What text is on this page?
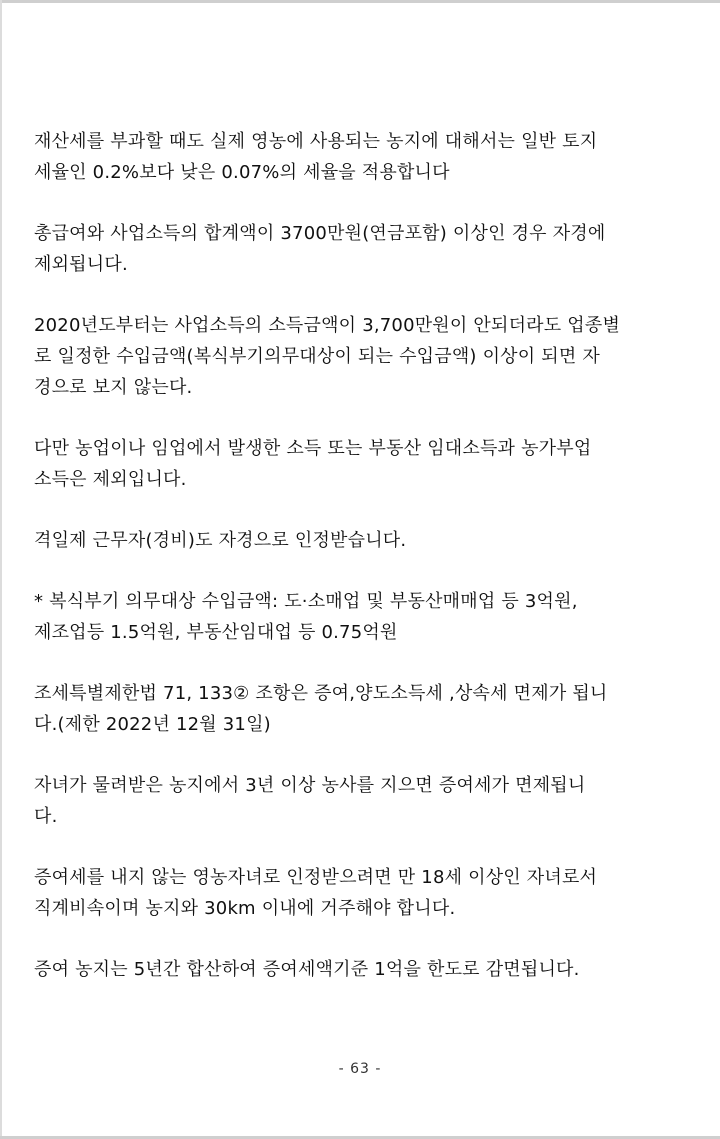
재산세를 부과할 때도 실제 영농에 사용되는 농지에 대해서는 일반 토지
세율인 0.2%보다 낮은 0.07%의 세율을 적용합니다

총급여와 사업소득의 합계액이 3700만원(연금포함) 이상인 경우 자경에
제외됩니다.

2020년도부터는 사업소득의 소득금액이 3,700만원이 안되더라도 업종별
로 일정한 수입금액(복식부기의무대상이 되는 수입금액) 이상이 되면 자
경으로 보지 않는다.

다만 농업이나 임업에서 발생한 소득 또는 부동산 임대소득과 농가부업
소득은 제외입니다.

격일제 근무자(경비)도 자경으로 인정받습니다.

* 복식부기 의무대상 수입금액: 도·소매업 및 부동산매매업 등 3억원,
제조업등 1.5억원, 부동산임대업 등 0.75억원

조세특별제한법 71, 133② 조항은 증여,양도소득세 ,상속세 면제가 됩니
다.(제한 2022년 12월 31일)

자녀가 물려받은 농지에서 3년 이상 농사를 지으면 증여세가 면제됩니
다.

증여세를 내지 않는 영농자녀로 인정받으려면 만 18세 이상인 자녀로서
직계비속이며 농지와 30km 이내에 거주해야 합니다.

증여 농지는 5년간 합산하여 증여세액기준 1억을 한도로 감면됩니다.

- 63 -
